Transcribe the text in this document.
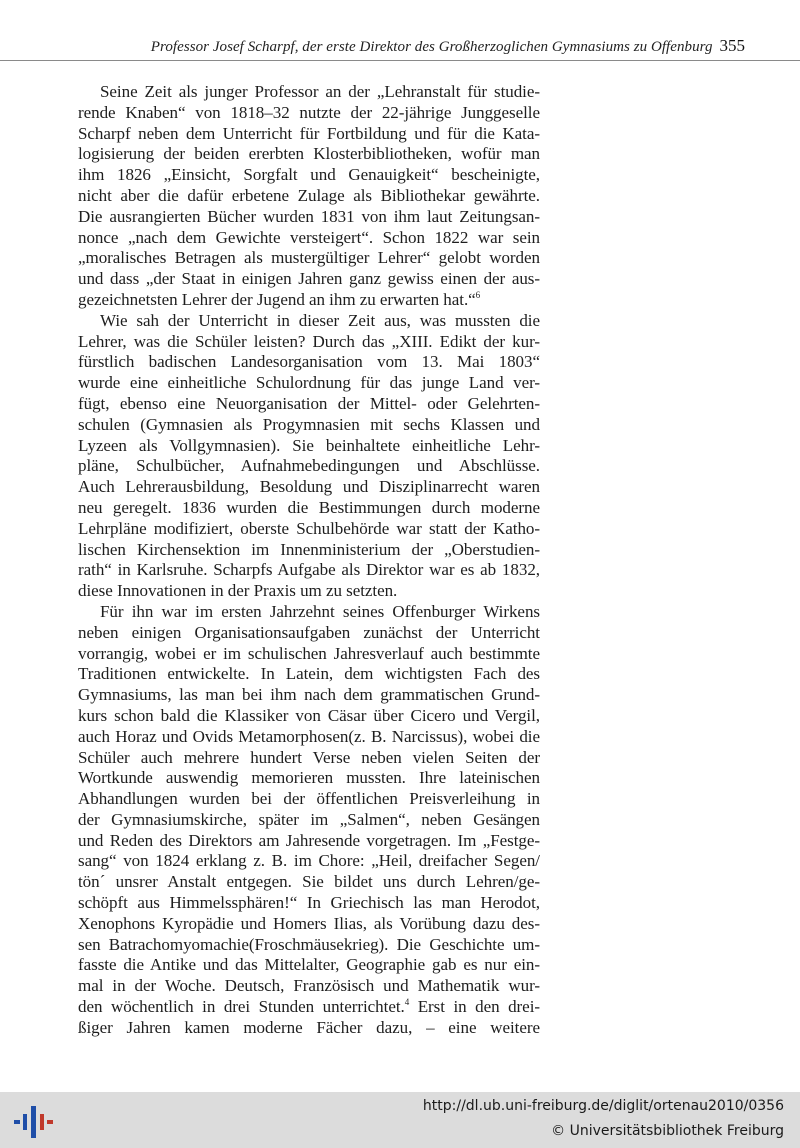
Professor Josef Scharpf, der erste Direktor des Großherzoglichen Gymnasiums zu Offenburg 355

Seine Zeit als junger Professor an der „Lehranstalt für studie-

rende Knaben“ von 1818–32 nutzte der 22-jährige Junggeselle

Scharpf neben dem Unterricht für Fortbildung und für die Kata-

logisierung der beiden ererbten Klosterbibliotheken, wofür man

ihm 1826 „Einsicht, Sorgfalt und Genauigkeit“ bescheinigte,

nicht aber die dafür erbetene Zulage als Bibliothekar gewährte.

Die ausrangierten Bücher wurden 1831 von ihm laut Zeitungsan-

nonce „nach dem Gewichte versteigert“. Schon 1822 war sein

„moralisches Betragen als mustergültiger Lehrer“ gelobt worden

und dass „der Staat in einigen Jahren ganz gewiss einen der aus-

gezeichnetsten Lehrer der Jugend an ihm zu erwarten hat.“$^6$

Wie sah der Unterricht in dieser Zeit aus, was mussten die

Lehrer, was die Schüler leisten? Durch das „XIII. Edikt der kur-

fürstlich badischen Landesorganisation vom 13. Mai 1803“

wurde eine einheitliche Schulordnung für das junge Land ver-

fügt, ebenso eine Neuorganisation der Mittel- oder Gelehrten-

schulen (Gymnasien als Progymnasien mit sechs Klassen und

Lyzeen als Vollgymnasien). Sie beinhaltete einheitliche Lehr-

pläne, Schulbücher, Aufnahmebedingungen und Abschlüsse.

Auch Lehrerausbildung, Besoldung und Disziplinarrecht waren

neu geregelt. 1836 wurden die Bestimmungen durch moderne

Lehrpläne modifiziert, oberste Schulbehörde war statt der Katho-

lischen Kirchensektion im Innenministerium der „Oberstudien-

rath“ in Karlsruhe. Scharpfs Aufgabe als Direktor war es ab 1832,

diese Innovationen in der Praxis um zu setzten.

Für ihn war im ersten Jahrzehnt seines Offenburger Wirkens

neben einigen Organisationsaufgaben zunächst der Unterricht

vorrangig, wobei er im schulischen Jahresverlauf auch bestimmte

Traditionen entwickelte. In Latein, dem wichtigsten Fach des

Gymnasiums, las man bei ihm nach dem grammatischen Grund-

kurs schon bald die Klassiker von Cäsar über Cicero und Vergil,

auch Horaz und Ovids Metamorphosen(z. B. Narcissus), wobei die

Schüler auch mehrere hundert Verse neben vielen Seiten der

Wortkunde auswendig memorieren mussten. Ihre lateinischen

Abhandlungen wurden bei der öffentlichen Preisverleihung in

der Gymnasiumskirche, später im „Salmen“, neben Gesängen

und Reden des Direktors am Jahresende vorgetragen. Im „Festge-

sang“ von 1824 erklang z. B. im Chore: „Heil, dreifacher Segen/

tön´ unsrer Anstalt entgegen. Sie bildet uns durch Lehren/ge-

schöpft aus Himmelssphären!“ In Griechisch las man Herodot,

Xenophons Kyropädie und Homers Ilias, als Vorübung dazu des-

sen Batrachomyomachie(Froschmäusekrieg). Die Geschichte um-

fasste die Antike und das Mittelalter, Geographie gab es nur ein-

mal in der Woche. Deutsch, Französisch und Mathematik wur-

den wöchentlich in drei Stunden unterrichtet.$^4$ Erst in den drei-

ßiger Jahren kamen moderne Fächer dazu, – eine weitere

http://dl.ub.uni-freiburg.de/diglit/ortenau2010/0356
© Universitätsbibliothek Freiburg
